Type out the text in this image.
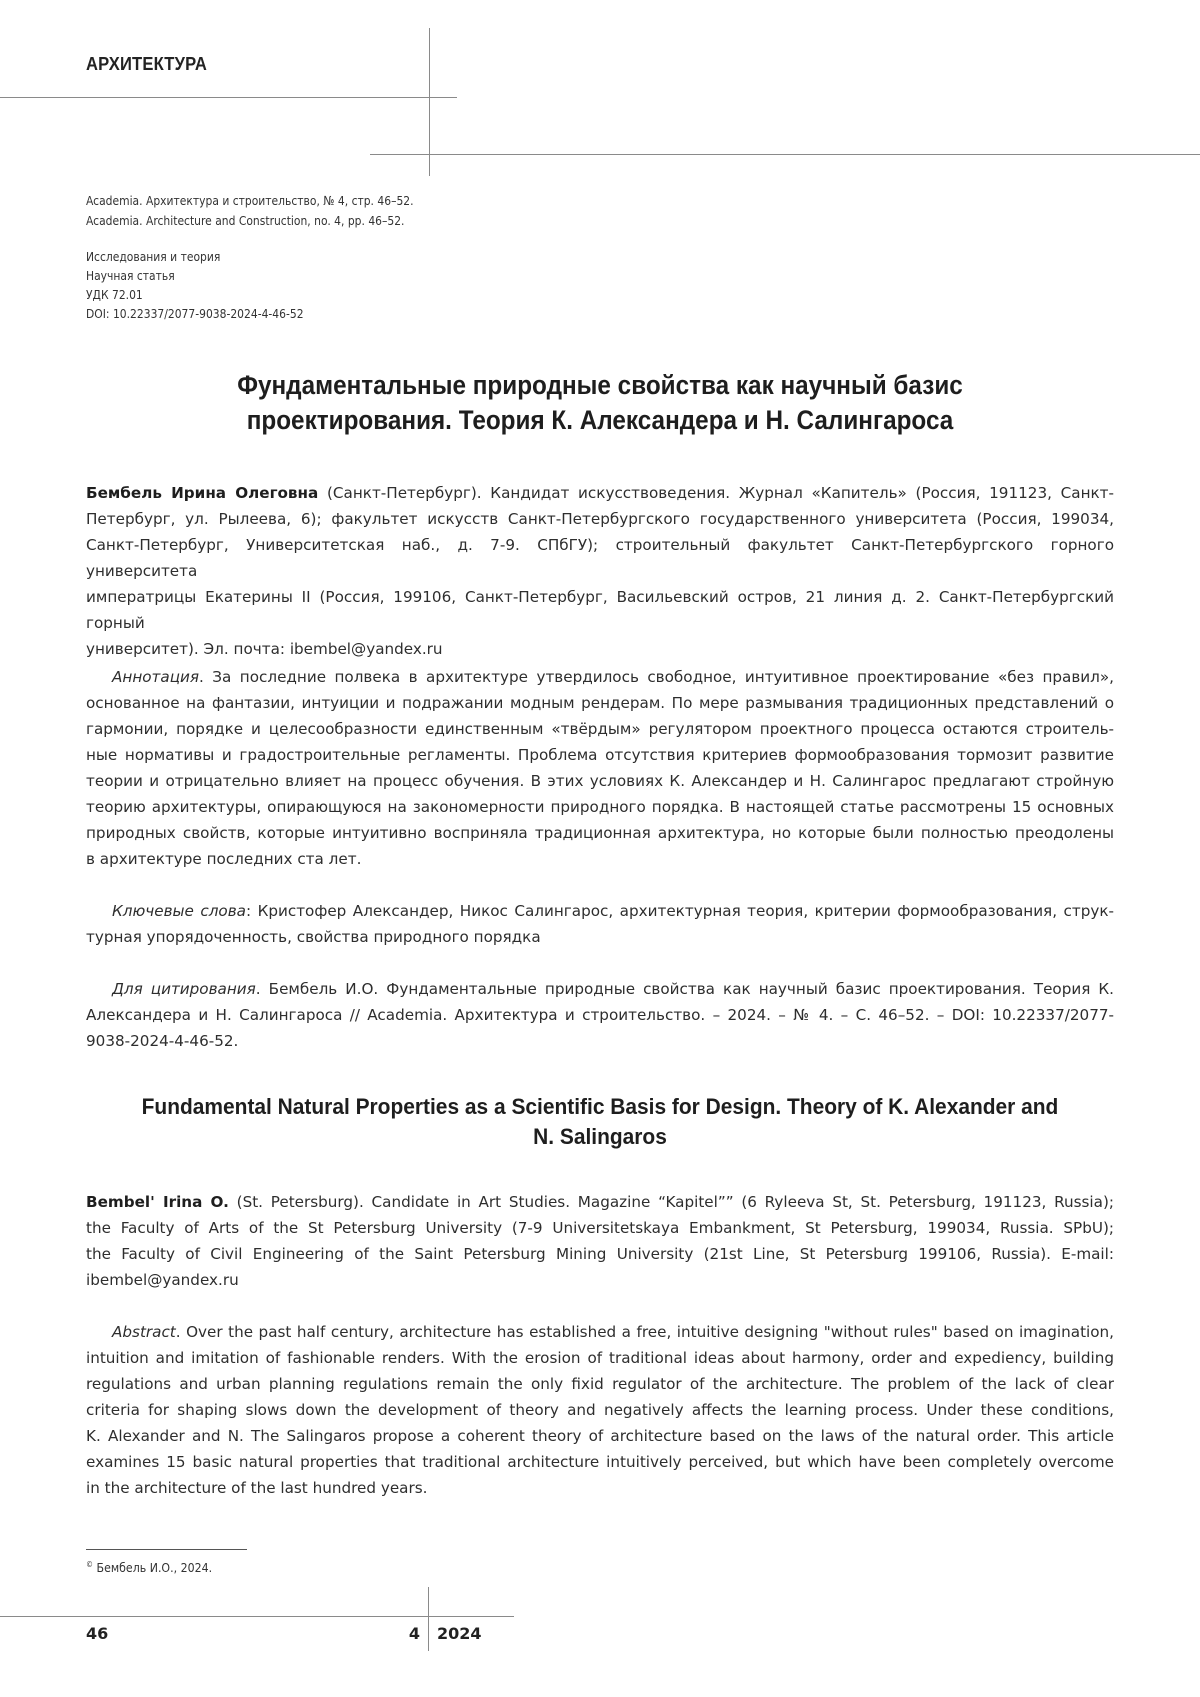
АРХИТЕКТУРА
Academia. Архитектура и строительство, № 4, стр. 46–52.
Academia. Architecture and Construction, no. 4, pp. 46–52.
Исследования и теория
Научная статья
УДК 72.01
DOI: 10.22337/2077-9038-2024-4-46-52
Фундаментальные природные свойства как научный базис
проектирования. Теория К. Александера и Н. Салингароса
Бембель Ирина Олеговна (Санкт-Петербург). Кандидат искусствоведения. Журнал «Капитель» (Россия, 191123, Санкт-
Петербург, ул. Рылеева, 6); факультет искусств Санкт-Петербургского государственного университета (Россия, 199034,
Санкт-Петербург, Университетская наб., д. 7-9. СПбГУ); строительный факультет Санкт-Петербургского горного университета
императрицы Екатерины II (Россия, 199106, Санкт-Петербург, Васильевский остров, 21 линия д. 2. Санкт-Петербургский горный
университет). Эл. почта: ibembel@yandex.ru
Аннотация. За последние полвека в архитектуре утвердилось свободное, интуитивное проектирование «без правил»,
основанное на фантазии, интуиции и подражании модным рендерам. По мере размывания традиционных представлений о
гармонии, порядке и целесообразности единственным «твёрдым» регулятором проектного процесса остаются строитель-
ные нормативы и градостроительные регламенты. Проблема отсутствия критериев формообразования тормозит развитие
теории и отрицательно влияет на процесс обучения. В этих условиях К. Александер и Н. Салингарос предлагают стройную
теорию архитектуры, опирающуюся на закономерности природного порядка. В настоящей статье рассмотрены 15 основных
природных свойств, которые интуитивно восприняла традиционная архитектура, но которые были полностью преодолены
в архитектуре последних ста лет.
Ключевые слова: Кристофер Александер, Никос Салингарос, архитектурная теория, критерии формообразования, струк-
турная упорядоченность, свойства природного порядка
Для цитирования. Бембель И.О. Фундаментальные природные свойства как научный базис проектирования. Теория К.
Александера и Н. Салингароса // Academia. Архитектура и строительство. – 2024. – № 4. – С. 46–52. – DOI: 10.22337/2077-
9038-2024-4-46-52.
Fundamental Natural Properties as a Scientific Basis for Design. Theory of K. Alexander and
N. Salingaros
Bembel' Irina O. (St. Petersburg). Candidate in Art Studies. Magazine “Kapitel”” (6 Ryleeva St, St. Petersburg, 191123, Russia);
the Faculty of Arts of the St Petersburg University (7-9 Universitetskaya Embankment, St Petersburg, 199034, Russia. SPbU);
the Faculty of Civil Engineering of the Saint Petersburg Mining University (21st Line, St Petersburg 199106, Russia). E-mail:
ibembel@yandex.ru
Abstract. Over the past half century, architecture has established a free, intuitive designing "without rules" based on imagination,
intuition and imitation of fashionable renders. With the erosion of traditional ideas about harmony, order and expediency, building
regulations and urban planning regulations remain the only fixid regulator of the architecture. The problem of the lack of clear
criteria for shaping slows down the development of theory and negatively affects the learning process. Under these conditions,
K. Alexander and N. The Salingaros propose a coherent theory of architecture based on the laws of the natural order. This article
examines 15 basic natural properties that traditional architecture intuitively perceived, but which have been completely overcome
in the architecture of the last hundred years.
© Бембель И.О., 2024.
46	4 2024
